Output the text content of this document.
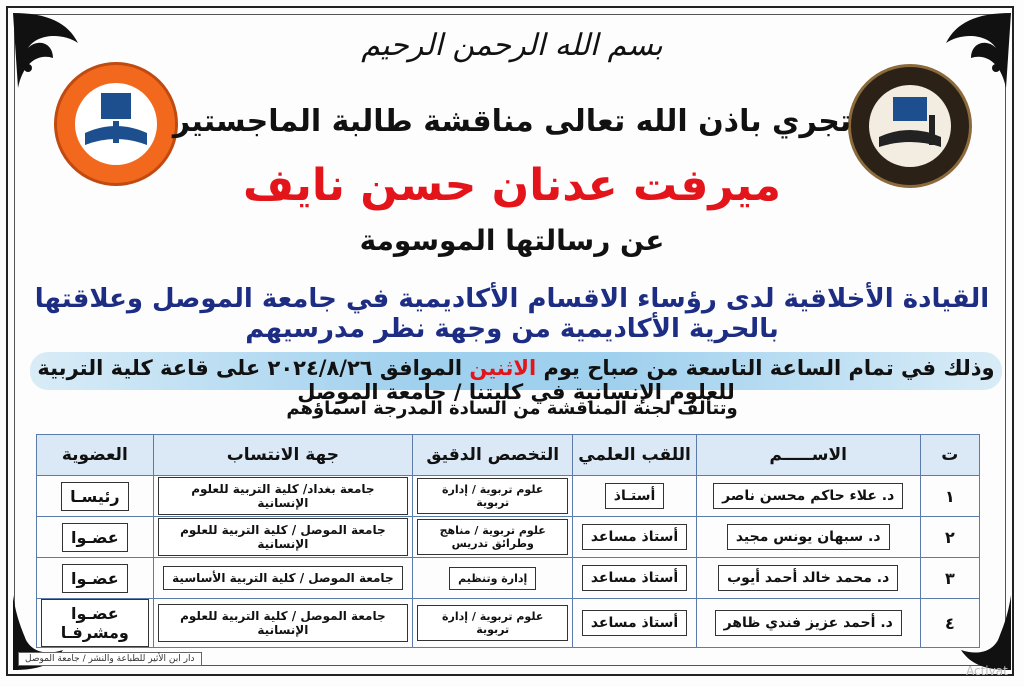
بسم الله الرحمن الرحيم
تجري باذن الله تعالى مناقشة طالبة الماجستير
ميرفت عدنان حسن نايف
عن رسالتها الموسومة
القيادة الأخلاقية لدى رؤساء الاقسام الأكاديمية في جامعة الموصل وعلاقتها بالحرية الأكاديمية من وجهة نظر مدرسيهم
وذلك في تمام الساعة التاسعة من صباح يوم الاثنين الموافق ٢٠٢٤/٨/٢٦ على قاعة كلية التربية للعلوم الإنسانية في كليتنا / جامعة الموصل
وتتألف لجنة المناقشة من السادة المدرجة اسماؤهم
ت	الاســـــم	اللقب العلمي	التخصص الدقيق	جهة الانتساب	العضوية
١	د. علاء حاكم محسن ناصر	أستـاذ	علوم تربوية / إدارة تربوية	جامعة بغداد/ كلية التربية للعلوم الإنسانية	رئيسـا
٢	د. سبهان يونس مجيد	أستاذ مساعد	علوم تربوية / مناهج وطرائق تدريس	جامعة الموصل / كلية التربية للعلوم الإنسانية	عضـوا
٣	د. محمد خالد أحمد أيوب	أستاذ مساعد	إدارة وتنظيم	جامعة الموصل / كلية التربية الأساسية	عضـوا
٤	د. أحمد عزيز فندي ظاهر	أستاذ مساعد	علوم تربوية / إدارة تربوية	جامعة الموصل / كلية التربية للعلوم الإنسانية	عضـوا ومشرفـا
دار ابن الأثير للطباعة والنشر / جامعة الموصل
Activat
